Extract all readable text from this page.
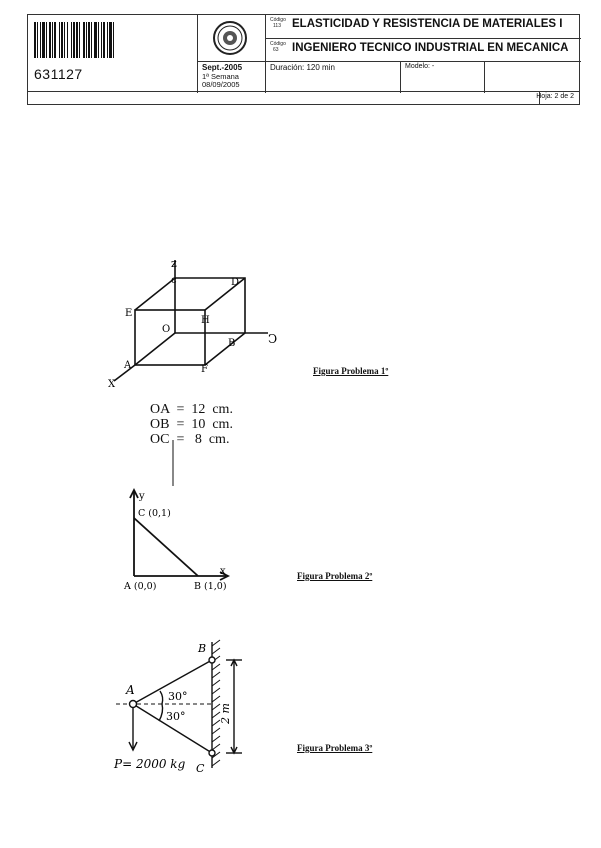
631127	Sept.-2005
1ª Semana
08/09/2005
Código
113 ELASTICIDAD Y RESISTENCIA DE MATERIALES I
Código
63	INGENIERO TECNICO INDUSTRIAL EN MECANICA
Duración: 120 min	Modelo: -
Hoja: 2 de 2
z
c	D
E
H
O
B	Ↄ
A	F
X
Figura Problema 1º
OA  =  12  cm.
OB  =  10  cm.
OC  =   8  cm.
y
x
C (0,1)
A (0,0)	B (1,0)
Figura Problema 2º
A
B
C
30°
30°	2 m
P= 2000 kg
Figura Problema 3º
